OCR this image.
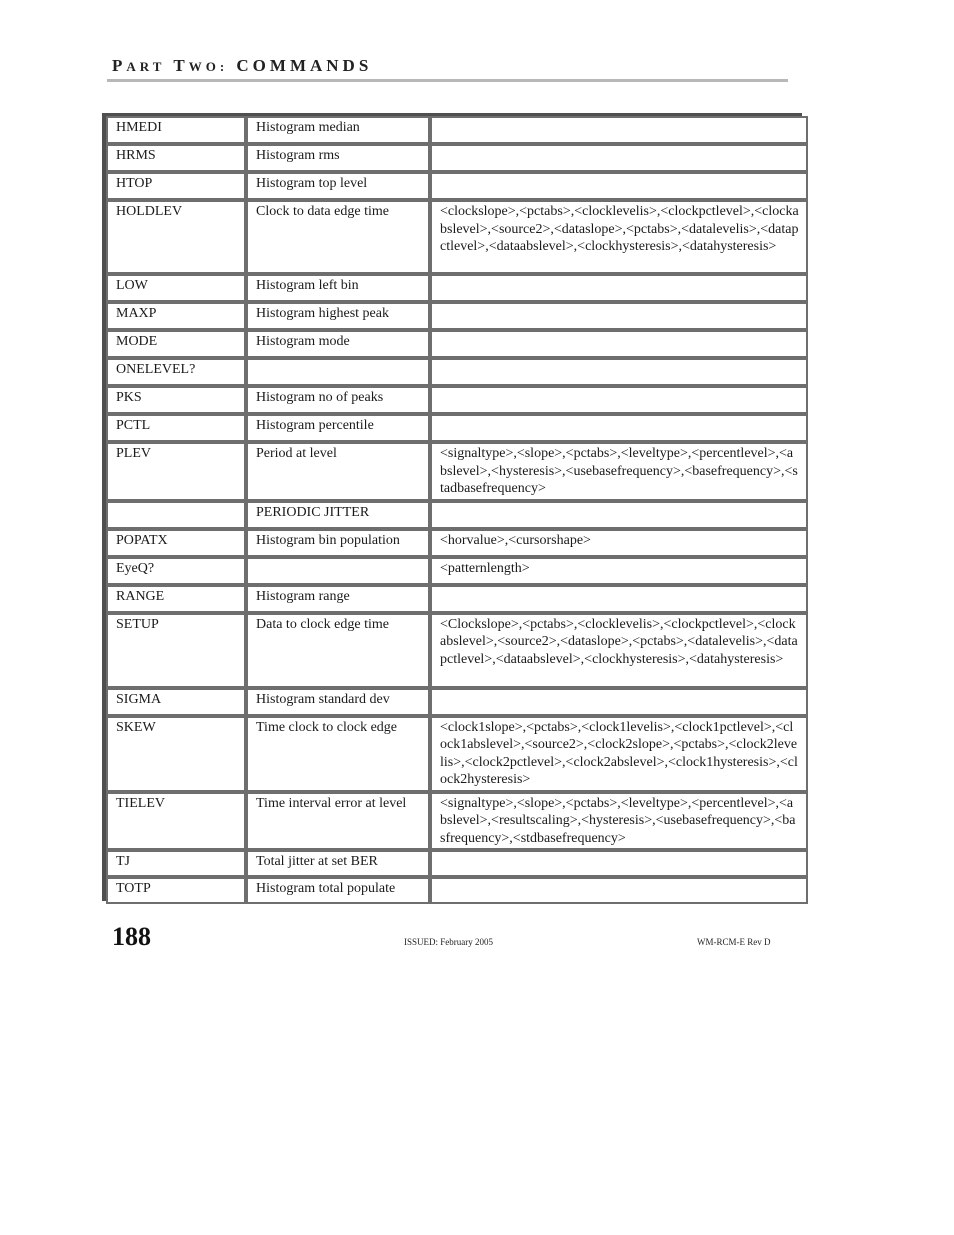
PART TWO: COMMANDS
HMEDI	Histogram median	
HRMS	Histogram rms	
HTOP	Histogram top level	
HOLDLEV	Clock to data edge time	<clockslope>,<pctabs>,<clocklevelis>,<clockpctlevel>,<clockabslevel>,<source2>,<dataslope>,<pctabs>,<datalevelis>,<datapctlevel>,<dataabslevel>,<clockhysteresis>,<datahysteresis>
LOW	Histogram left bin	
MAXP	Histogram highest peak	
MODE	Histogram mode	
ONELEVEL?		
PKS	Histogram no of peaks	
PCTL	Histogram percentile	
PLEV	Period at level	<signaltype>,<slope>,<pctabs>,<leveltype>,<percentlevel>,<abslevel>,<hysteresis>,<usebasefrequency>,<basefrequency>,<stadbasefrequency>
	PERIODIC JITTER	
POPATX	Histogram bin population	<horvalue>,<cursorshape>
EyeQ?		<patternlength>
RANGE	Histogram range	
SETUP	Data to clock edge time	<Clockslope>,<pctabs>,<clocklevelis>,<clockpctlevel>,<clockabslevel>,<source2>,<dataslope>,<pctabs>,<datalevelis>,<datapctlevel>,<dataabslevel>,<clockhysteresis>,<datahysteresis>
SIGMA	Histogram standard dev	
SKEW	Time clock to clock edge	<clock1slope>,<pctabs>,<clock1levelis>,<clock1pctlevel>,<clock1abslevel>,<source2>,<clock2slope>,<pctabs>,<clock2levelis>,<clock2pctlevel>,<clock2abslevel>,<clock1hysteresis>,<clock2hysteresis>
TIELEV	Time interval error at level	<signaltype>,<slope>,<pctabs>,<leveltype>,<percentlevel>,<abslevel>,<resultscaling>,<hysteresis>,<usebasefrequency>,<basfrequency>,<stdbasefrequency>
TJ	Total jitter at set BER	
TOTP	Histogram total populate	
188	ISSUED: February 2005	WM-RCM-E Rev D
